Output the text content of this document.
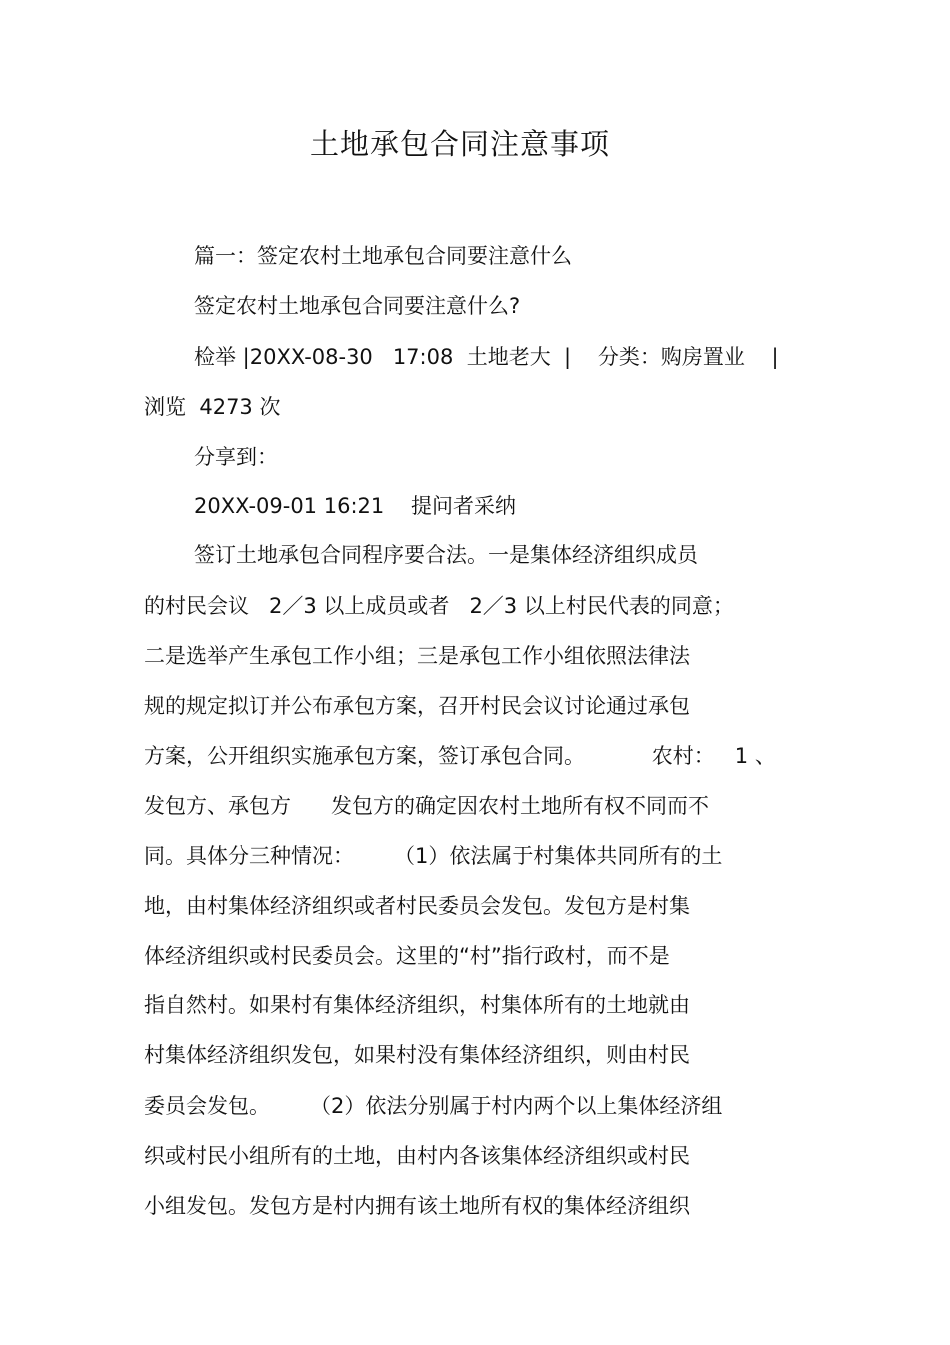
土地承包合同注意事项
篇一：签定农村土地承包合同要注意什么
签定农村土地承包合同要注意什么?
检举 |20XX-08-30   17:08  土地老大  |    分类：购房置业    |
浏览  4273 次
分享到：
20XX-09-01 16:21    提问者采纳
签订土地承包合同程序要合法。一是集体经济组织成员
的村民会议   2／3 以上成员或者   2／3 以上村民代表的同意；
二是选举产生承包工作小组；三是承包工作小组依照法律法
规的规定拟订并公布承包方案，召开村民会议讨论通过承包
方案，公开组织实施承包方案，签订承包合同。          农村：   1 、
发包方、承包方      发包方的确定因农村土地所有权不同而不
同。具体分三种情况：      （1）依法属于村集体共同所有的土
地，由村集体经济组织或者村民委员会发包。发包方是村集
体经济组织或村民委员会。这里的“村”指行政村，而不是
指自然村。如果村有集体经济组织，村集体所有的土地就由
村集体经济组织发包，如果村没有集体经济组织，则由村民
委员会发包。      （2）依法分别属于村内两个以上集体经济组
织或村民小组所有的土地，由村内各该集体经济组织或村民
小组发包。发包方是村内拥有该土地所有权的集体经济组织
